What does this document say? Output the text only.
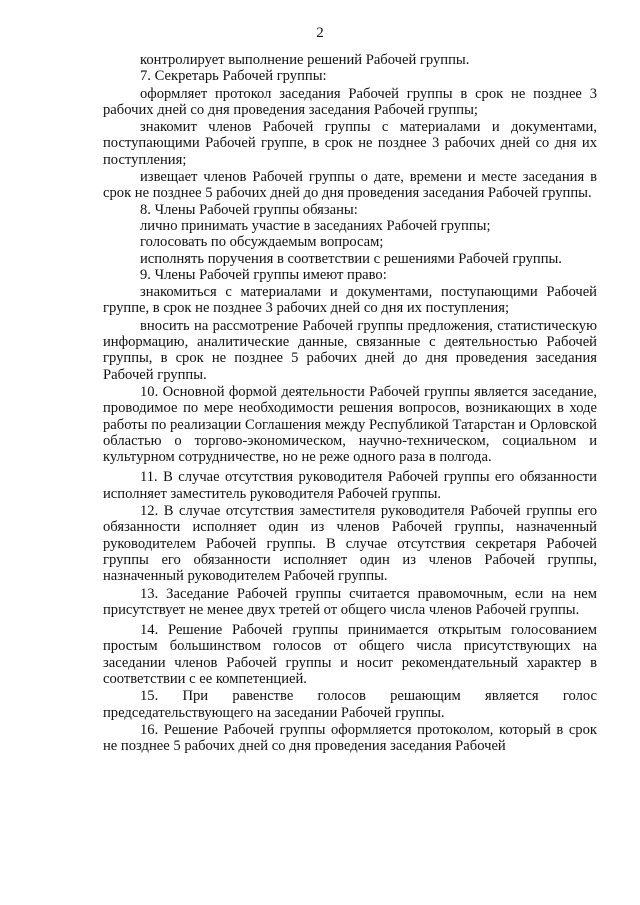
2

контролирует выполнение решений Рабочей группы.

7. Секретарь Рабочей группы:

оформляет протокол заседания Рабочей группы в срок не позднее 3 рабочих дней со дня проведения заседания Рабочей группы;

знакомит членов Рабочей группы с материалами и документами, поступающими Рабочей группе, в срок не позднее 3 рабочих дней со дня их поступления;

извещает членов Рабочей группы о дате, времени и месте заседания в срок не позднее 5 рабочих дней до дня проведения заседания Рабочей группы.

8. Члены Рабочей группы обязаны:

лично принимать участие в заседаниях Рабочей группы;

голосовать по обсуждаемым вопросам;

исполнять поручения в соответствии с решениями Рабочей группы.

9. Члены Рабочей группы имеют право:

знакомиться с материалами и документами, поступающими Рабочей группе, в срок не позднее 3 рабочих дней со дня их поступления;

вносить на рассмотрение Рабочей группы предложения, статистическую информацию, аналитические данные, связанные с деятельностью Рабочей группы, в срок не позднее 5 рабочих дней до дня проведения заседания Рабочей группы.

10. Основной формой деятельности Рабочей группы является заседание, проводимое по мере необходимости решения вопросов, возникающих в ходе работы по реализации Соглашения между Республикой Татарстан и Орловской областью о торгово-экономическом, научно-техническом, социальном и культурном сотрудничестве, но не реже одного раза в полгода.

11. В случае отсутствия руководителя Рабочей группы его обязанности исполняет заместитель руководителя Рабочей группы.

12. В случае отсутствия заместителя руководителя Рабочей группы его обязанности исполняет один из членов Рабочей группы, назначенный руководителем Рабочей группы. В случае отсутствия секретаря Рабочей группы его обязанности исполняет один из членов Рабочей группы, назначенный руководителем Рабочей группы.

13. Заседание Рабочей группы считается правомочным, если на нем присутствует не менее двух третей от общего числа членов Рабочей группы.

14. Решение Рабочей группы принимается открытым голосованием простым большинством голосов от общего числа присутствующих на заседании членов Рабочей группы и носит рекомендательный характер в соответствии с ее компетенцией.

15. При равенстве голосов решающим является голос председательствующего на заседании Рабочей группы.

16. Решение Рабочей группы оформляется протоколом, который в срок не позднее 5 рабочих дней со дня проведения заседания Рабочей
